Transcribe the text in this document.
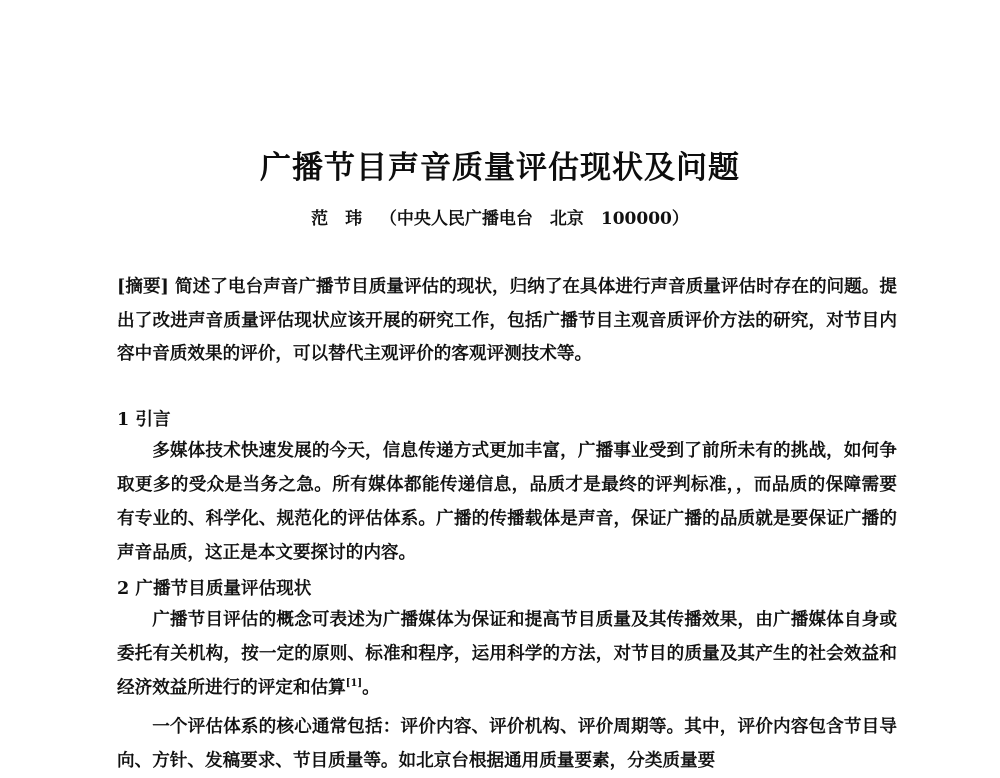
广播节目声音质量评估现状及问题
范　玮 （中央人民广播电台　北京　100000）
[摘要] 简述了电台声音广播节目质量评估的现状，归纳了在具体进行声音质量评估时存在的问题。提出了改进声音质量评估现状应该开展的研究工作，包括广播节目主观音质评价方法的研究，对节目内容中音质效果的评价，可以替代主观评价的客观评测技术等。
1 引言
多媒体技术快速发展的今天，信息传递方式更加丰富，广播事业受到了前所未有的挑战，如何争取更多的受众是当务之急。所有媒体都能传递信息，品质才是最终的评判标准，，而品质的保障需要有专业的、科学化、规范化的评估体系。广播的传播载体是声音，保证广播的品质就是要保证广播的声音品质，这正是本文要探讨的内容。
2 广播节目质量评估现状
广播节目评估的概念可表述为广播媒体为保证和提高节目质量及其传播效果，由广播媒体自身或委托有关机构，按一定的原则、标准和程序，运用科学的方法，对节目的质量及其产生的社会效益和经济效益所进行的评定和估算[1]。
一个评估体系的核心通常包括：评价内容、评价机构、评价周期等。其中，评价内容包含节目导向、方针、发稿要求、节目质量等。如北京台根据通用质量要素，分类质量要
